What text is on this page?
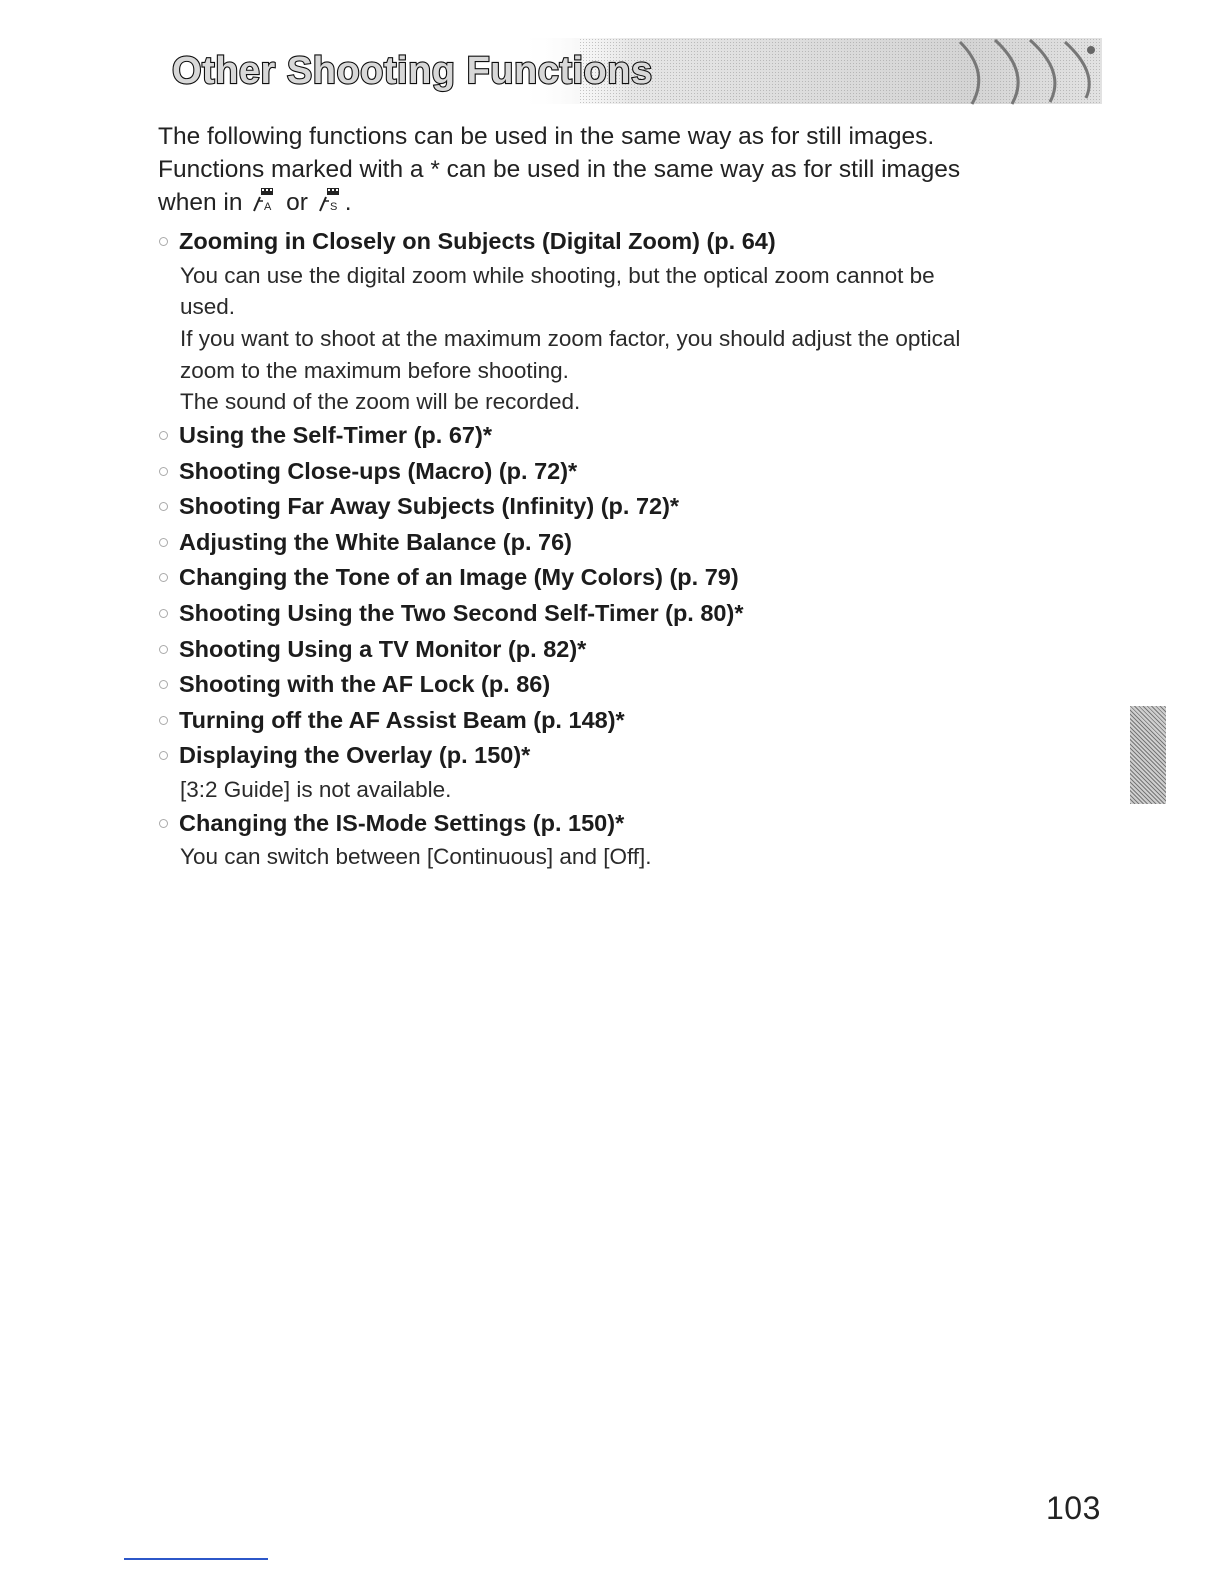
Other Shooting Functions

The following functions can be used in the same way as for still images.

Functions marked with a * can be used in the same way as for still images

when in A or S .

Zooming in Closely on Subjects (Digital Zoom) (p. 64)

You can use the digital zoom while shooting, but the optical zoom cannot be

used.

If you want to shoot at the maximum zoom factor, you should adjust the optical

zoom to the maximum before shooting.

The sound of the zoom will be recorded.

Using the Self-Timer (p. 67)*
Shooting Close-ups (Macro) (p. 72)*
Shooting Far Away Subjects (Infinity) (p. 72)*
Adjusting the White Balance (p. 76)
Changing the Tone of an Image (My Colors) (p. 79)
Shooting Using the Two Second Self-Timer (p. 80)*
Shooting Using a TV Monitor (p. 82)*
Shooting with the AF Lock (p. 86)
Turning off the AF Assist Beam (p. 148)*
Displaying the Overlay (p. 150)*

[3:2 Guide] is not available.

Changing the IS-Mode Settings (p. 150)*

You can switch between [Continuous] and [Off].

103
